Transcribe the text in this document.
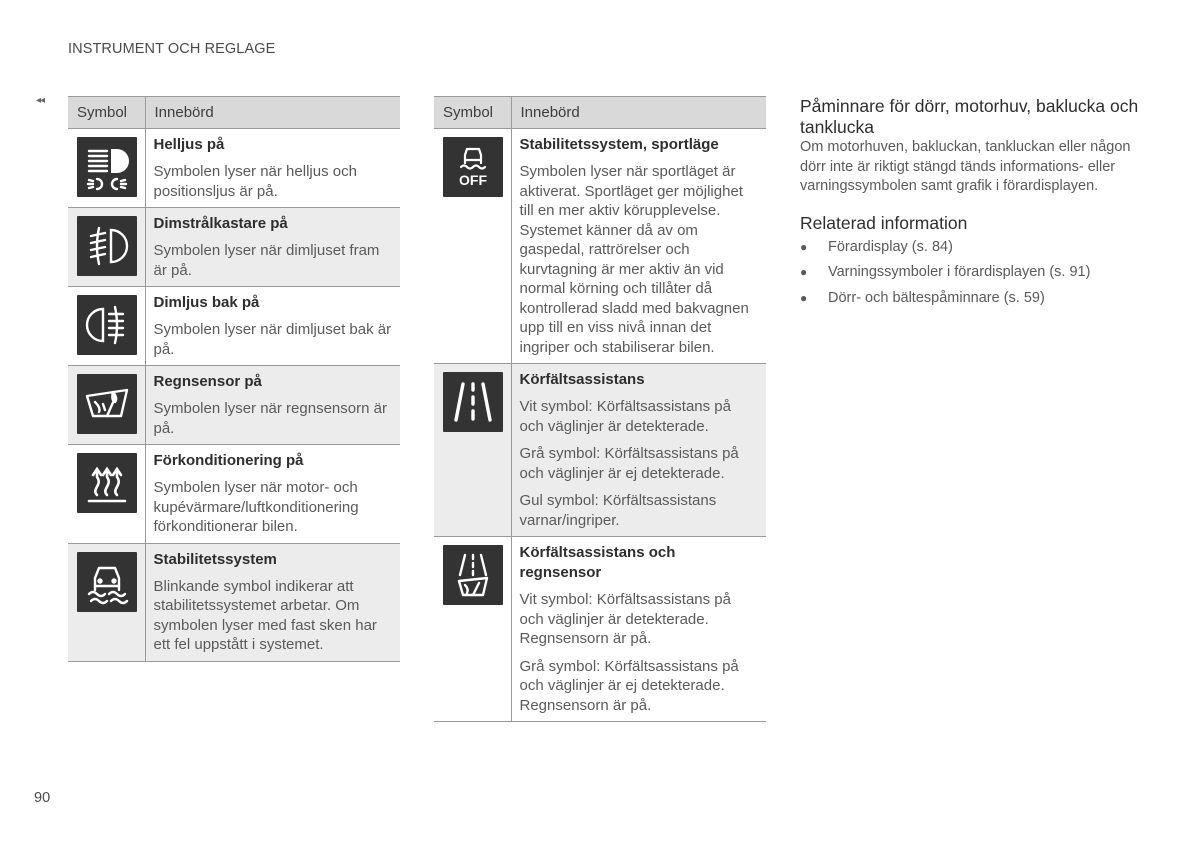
INSTRUMENT OCH REGLAGE
◂◂
Symbol	Innebörd

Helljus på
Symbolen lyser när helljus och positionsljus är på.

Dimstrålkastare på
Symbolen lyser när dimljuset fram är på.

Dimljus bak på
Symbolen lyser när dimljuset bak är på.

Regnsensor på
Symbolen lyser när regnsensorn är på.

Förkonditionering på
Symbolen lyser när motor- och kupévärmare/luftkonditionering förkonditionerar bilen.

Stabilitetssystem
Blinkande symbol indikerar att stabilitetssystemet arbetar. Om symbolen lyser med fast sken har ett fel uppstått i systemet.
Symbol	Innebörd

OFF	Stabilitetssystem, sportläge
Symbolen lyser när sportläget är aktiverat. Sportläget ger möjlighet till en mer aktiv körupplevelse. Systemet känner då av om gaspedal, rattrörelser och kurvtagning är mer aktiv än vid normal körning och tillåter då kontrollerad sladd med bakvagnen upp till en viss nivå innan det ingriper och stabiliserar bilen.

Körfältsassistans
Vit symbol: Körfältsassistans på och väglinjer är detekterade.
Grå symbol: Körfältsassistans på och väglinjer är ej detekterade.
Gul symbol: Körfältsassistans varnar/ingriper.

Körfältsassistans och regnsensor
Vit symbol: Körfältsassistans på och väglinjer är detekterade. Regnsensorn är på.
Grå symbol: Körfältsassistans på och väglinjer är ej detekterade. Regnsensorn är på.
Påminnare för dörr, motorhuv, baklucka och tanklucka
Om motorhuven, bakluckan, tankluckan eller någon dörr inte är riktigt stängd tänds informations- eller varningssymbolen samt grafik i förardisplayen.
Relaterad information
●	Förardisplay (s. 84)
●	Varningssymboler i förardisplayen (s. 91)
●	Dörr- och bältespåminnare (s. 59)
90
